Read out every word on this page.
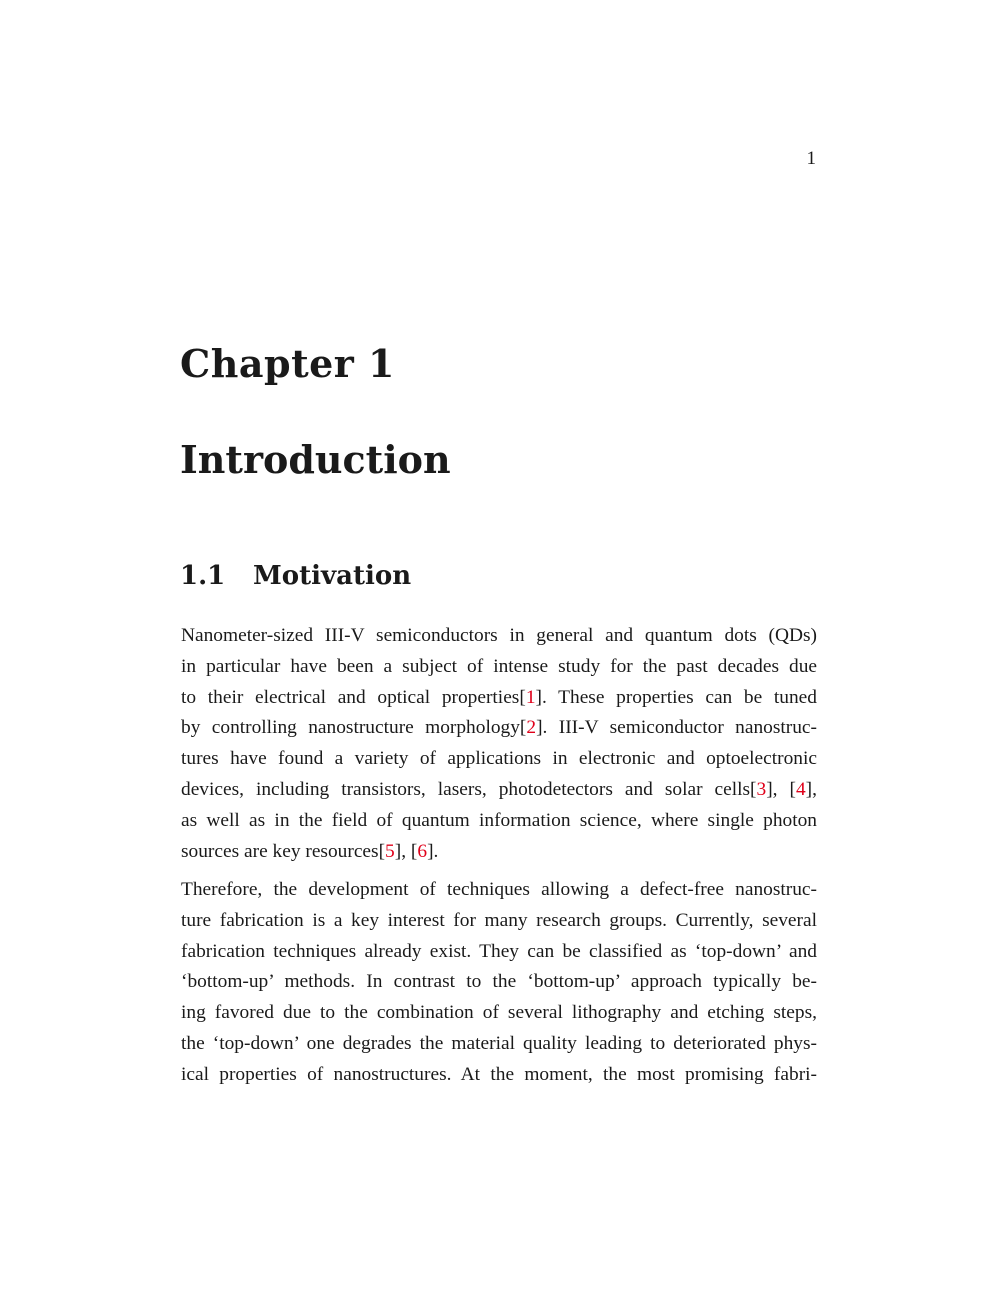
1
Chapter 1
Introduction
1.1 Motivation

Nanometer-sized III-V semiconductors in general and quantum dots (QDs)
in particular have been a subject of intense study for the past decades due
to their electrical and optical properties[1]. These properties can be tuned
by controlling nanostructure morphology[2]. III-V semiconductor nanostruc-
tures have found a variety of applications in electronic and optoelectronic
devices, including transistors, lasers, photodetectors and solar cells[3], [4],
as well as in the field of quantum information science, where single photon
sources are key resources[5], [6].

Therefore, the development of techniques allowing a defect-free nanostruc-
ture fabrication is a key interest for many research groups. Currently, several
fabrication techniques already exist. They can be classified as ‘top-down’ and
‘bottom-up’ methods. In contrast to the ‘bottom-up’ approach typically be-
ing favored due to the combination of several lithography and etching steps,
the ‘top-down’ one degrades the material quality leading to deteriorated phys-
ical properties of nanostructures. At the moment, the most promising fabri-
